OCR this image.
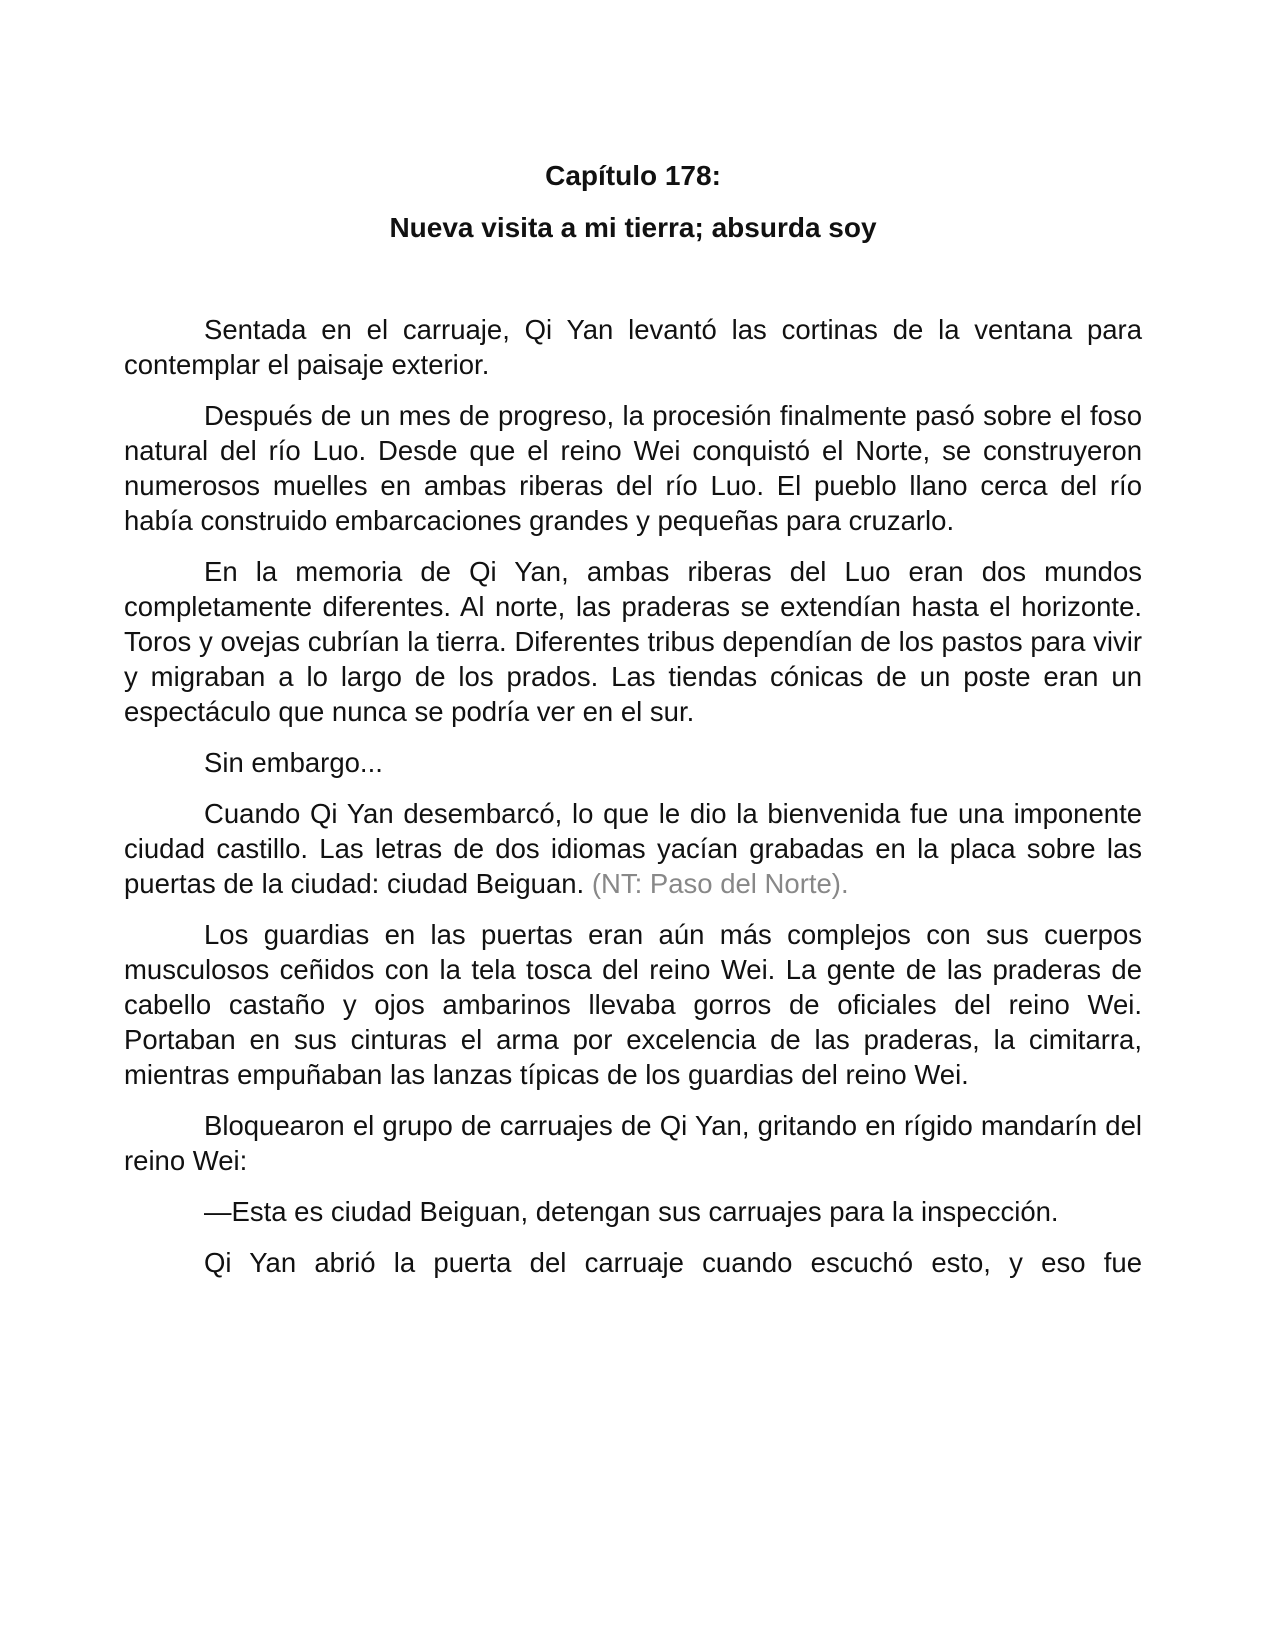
Capítulo 178:
Nueva visita a mi tierra; absurda soy

Sentada en el carruaje, Qi Yan levantó las cortinas de la ventana para contemplar el paisaje exterior.

Después de un mes de progreso, la procesión finalmente pasó sobre el foso natural del río Luo. Desde que el reino Wei conquistó el Norte, se construyeron numerosos muelles en ambas riberas del río Luo. El pueblo llano cerca del río había construido embarcaciones grandes y pequeñas para cruzarlo.

En la memoria de Qi Yan, ambas riberas del Luo eran dos mundos completamente diferentes. Al norte, las praderas se extendían hasta el horizonte. Toros y ovejas cubrían la tierra. Diferentes tribus dependían de los pastos para vivir y migraban a lo largo de los prados. Las tiendas cónicas de un poste eran un espectáculo que nunca se podría ver en el sur.

Sin embargo...

Cuando Qi Yan desembarcó, lo que le dio la bienvenida fue una imponente ciudad castillo. Las letras de dos idiomas yacían grabadas en la placa sobre las puertas de la ciudad: ciudad Beiguan. (NT: Paso del Norte).

Los guardias en las puertas eran aún más complejos con sus cuerpos musculosos ceñidos con la tela tosca del reino Wei. La gente de las praderas de cabello castaño y ojos ambarinos llevaba gorros de oficiales del reino Wei. Portaban en sus cinturas el arma por excelencia de las praderas, la cimitarra, mientras empuñaban las lanzas típicas de los guardias del reino Wei.

Bloquearon el grupo de carruajes de Qi Yan, gritando en rígido mandarín del reino Wei:

—Esta es ciudad Beiguan, detengan sus carruajes para la inspección.

Qi Yan abrió la puerta del carruaje cuando escuchó esto, y eso fue
